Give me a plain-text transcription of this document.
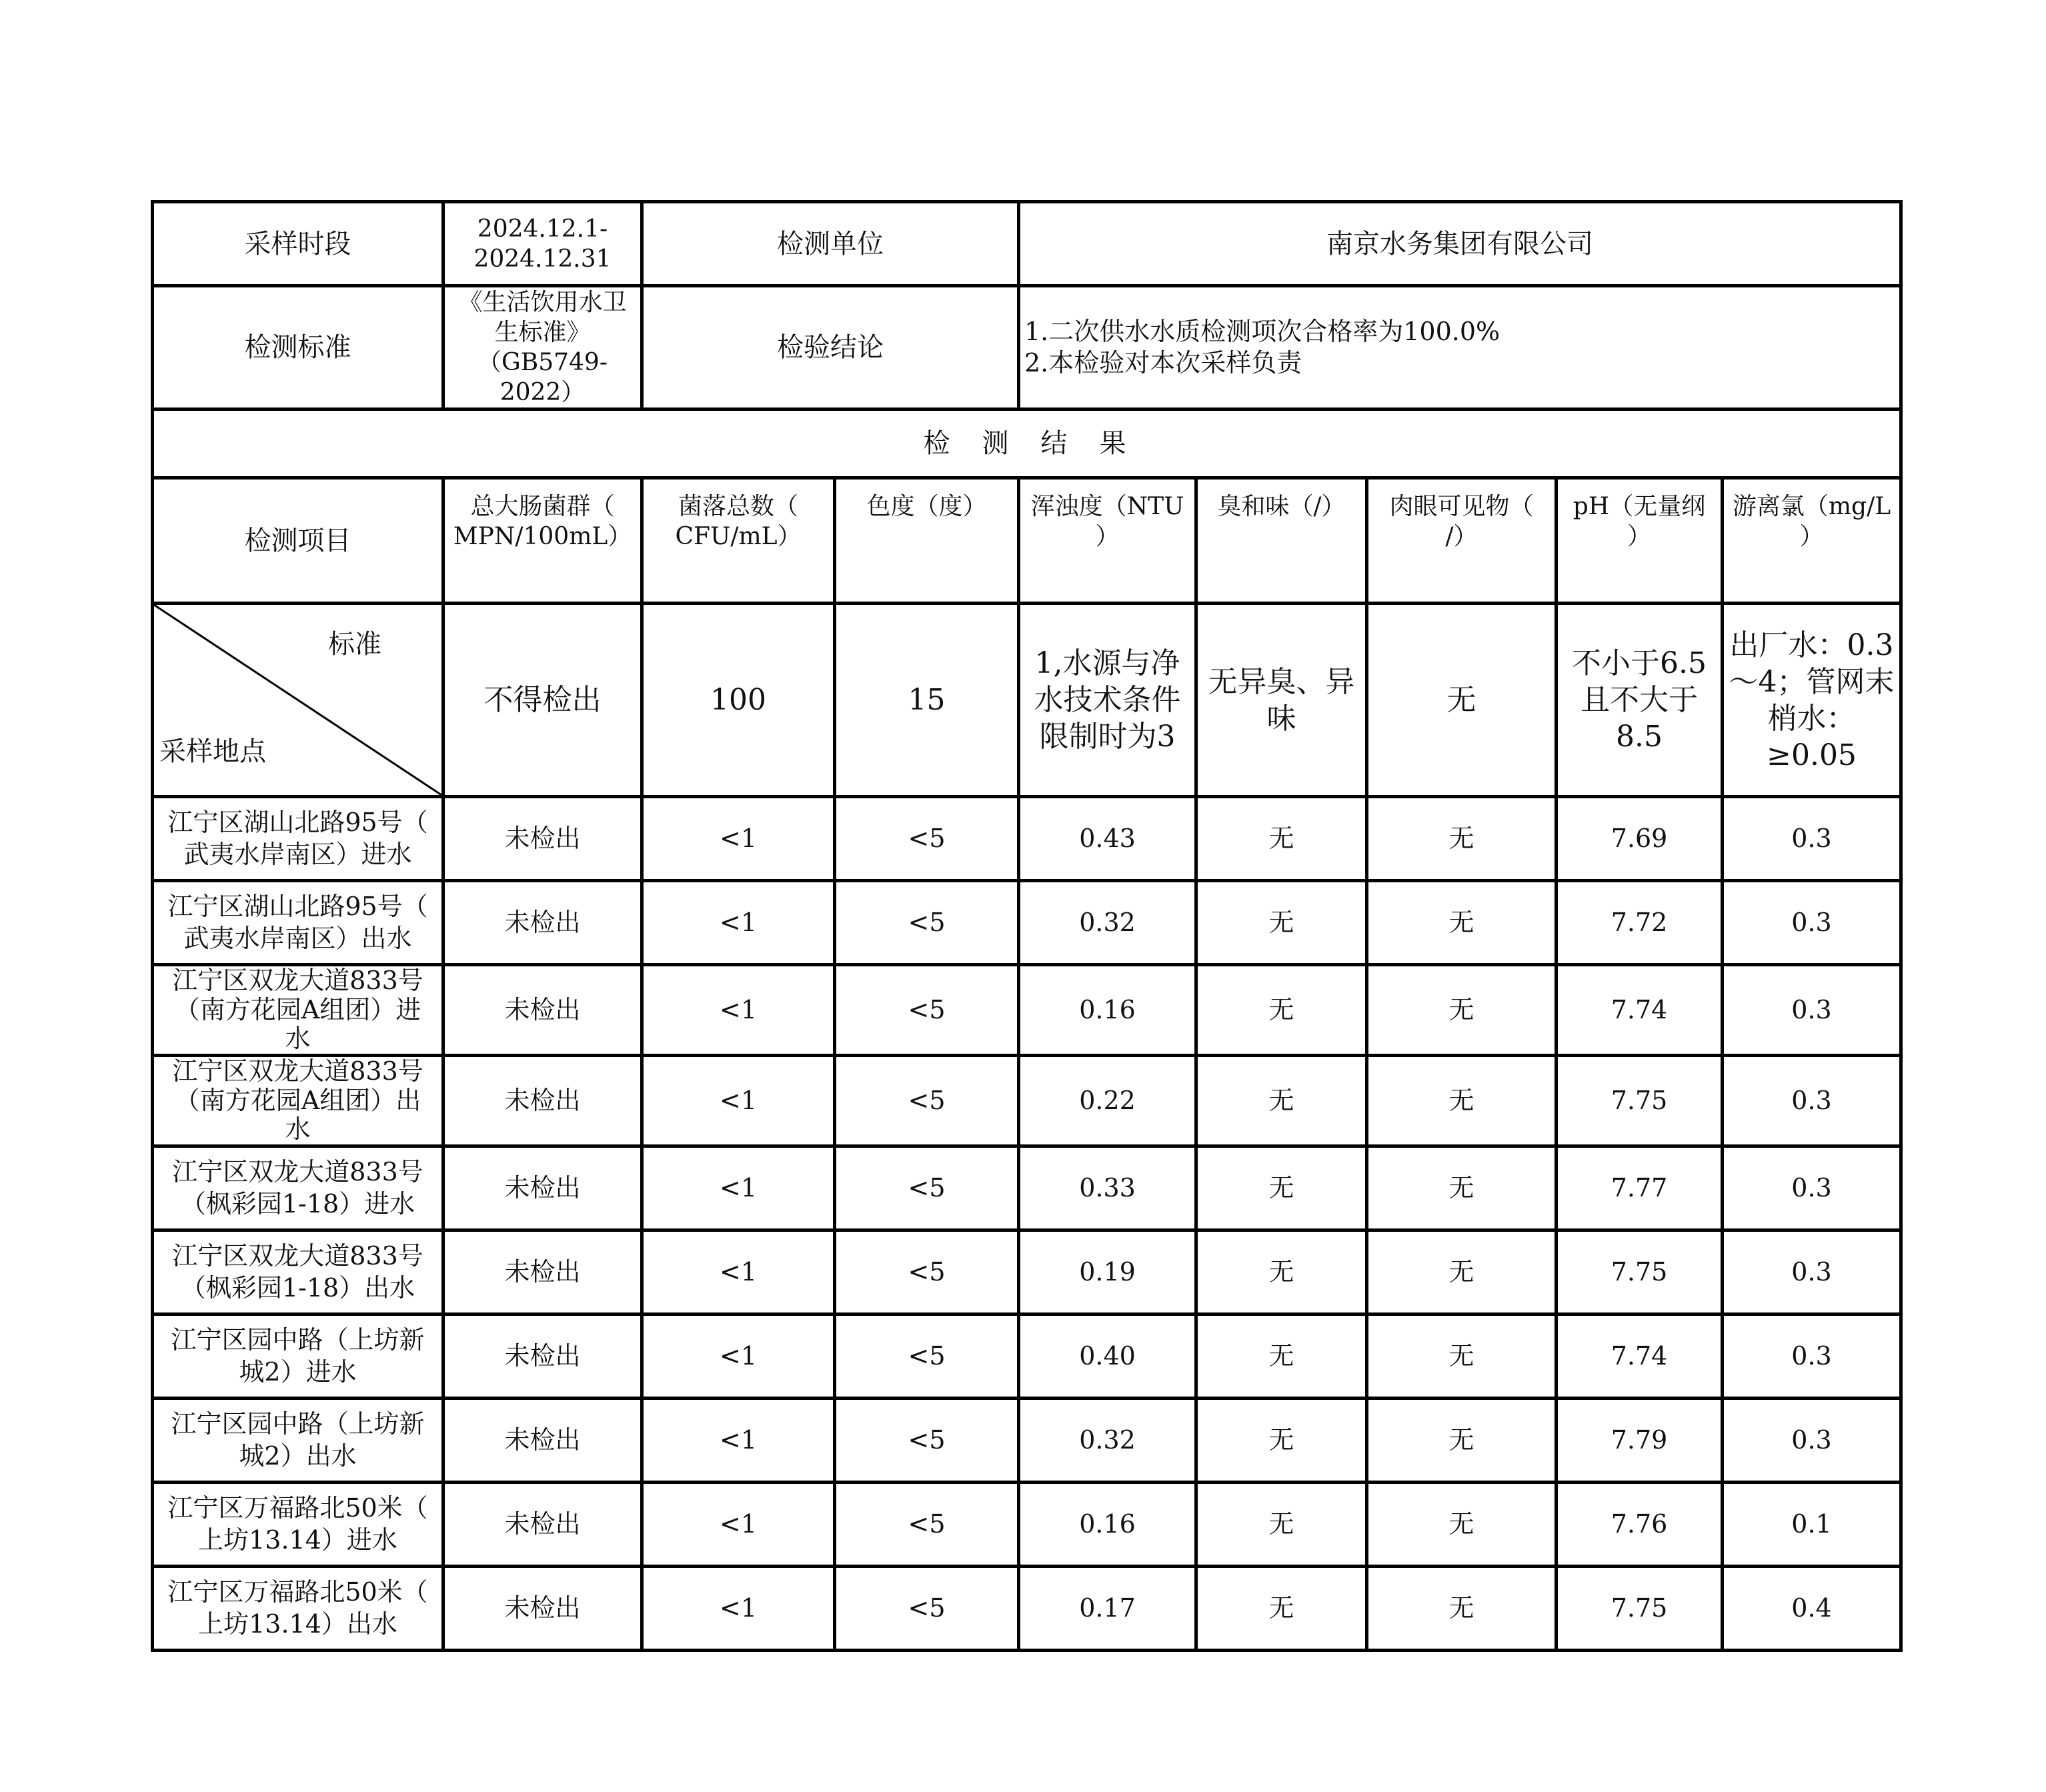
采样时段	2024.12.1-2024.12.31	检测单位		南京水务集团有限公司				
检测标准	《生活饮用水卫生标准》
（GB5749-2022）	检验结论		1.二次供水水质检测项次合格率为100.0%
2.本检验对本次采样负责				

检测结果								
检测项目	总大肠菌群（
MPN/100mL）	菌落总数（
CFU/mL）	色度（度）	浑浊度（NTU
）	臭和味（/）	肉眼可见物（
/）	pH（无量纲
）	游离氯（mg/L
）

标准
采样地点	不得检出	100	15	1,水源与净
水技术条件
限制时为3	无异臭、异
味	无	不小于6.5
且不大于
8.5	出厂水：0.3
～4；管网末
梢水：
≥0.05

江宁区湖山北路95号（
武夷水岸南区）进水	未检出	<1	<5	0.43	无	无	7.69	0.3

江宁区湖山北路95号（
武夷水岸南区）出水	未检出	<1	<5	0.32	无	无	7.72	0.3

江宁区双龙大道833号
（南方花园A组团）进
水	未检出	<1	<5	0.16	无	无	7.74	0.3

江宁区双龙大道833号
（南方花园A组团）出
水	未检出	<1	<5	0.22	无	无	7.75	0.3

江宁区双龙大道833号
（枫彩园1-18）进水	未检出	<1	<5	0.33	无	无	7.77	0.3

江宁区双龙大道833号
（枫彩园1-18）出水	未检出	<1	<5	0.19	无	无	7.75	0.3

江宁区园中路（上坊新
城2）进水	未检出	<1	<5	0.40	无	无	7.74	0.3

江宁区园中路（上坊新
城2）出水	未检出	<1	<5	0.32	无	无	7.79	0.3

江宁区万福路北50米（
上坊13.14）进水	未检出	<1	<5	0.16	无	无	7.76	0.1

江宁区万福路北50米（
上坊13.14）出水	未检出	<1	<5	0.17	无	无	7.75	0.4
